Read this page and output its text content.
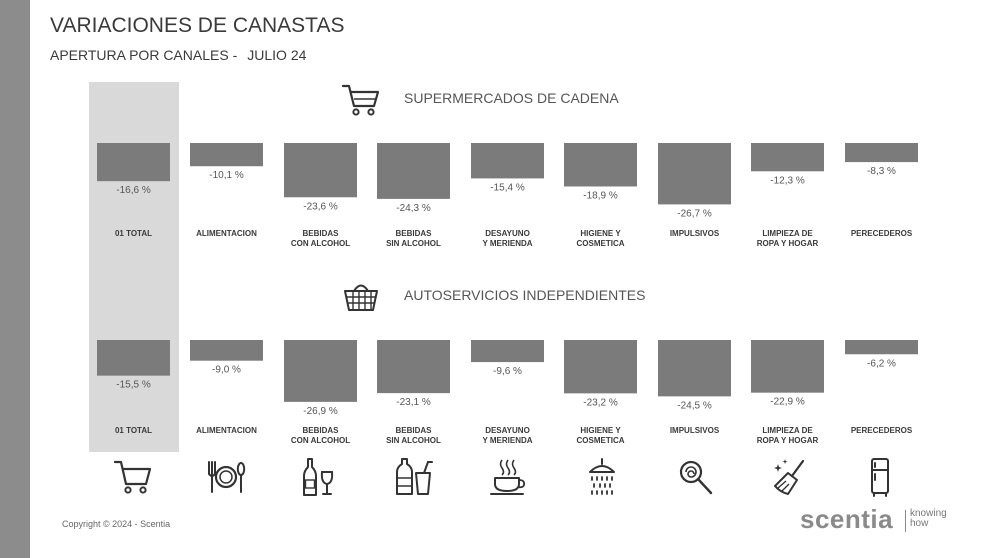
VARIACIONES DE CANASTAS
APERTURA POR CANALES - JULIO 24
SUPERMERCADOS DE CADENA
AUTOSERVICIOS INDEPENDIENTES
-16,6 %
01 TOTAL
-10,1 %
ALIMENTACION
-23,6 %
BEBIDAS
CON ALCOHOL
-24,3 %
BEBIDAS
SIN ALCOHOL
-15,4 %
DESAYUNO
Y MERIENDA
-18,9 %
HIGIENE Y
COSMETICA
-26,7 %
IMPULSIVOS
-12,3 %
LIMPIEZA DE
ROPA Y HOGAR
-8,3 %
PERECEDEROS
-15,5 %
01 TOTAL
-9,0 %
ALIMENTACION
-26,9 %
BEBIDAS
CON ALCOHOL
-23,1 %
BEBIDAS
SIN ALCOHOL
-9,6 %
DESAYUNO
Y MERIENDA
-23,2 %
HIGIENE Y
COSMETICA
-24,5 %
IMPULSIVOS
-22,9 %
LIMPIEZA DE
ROPA Y HOGAR
-6,2 %
PERECEDEROS
Copyright © 2024 - Scentia	scentia knowing how
